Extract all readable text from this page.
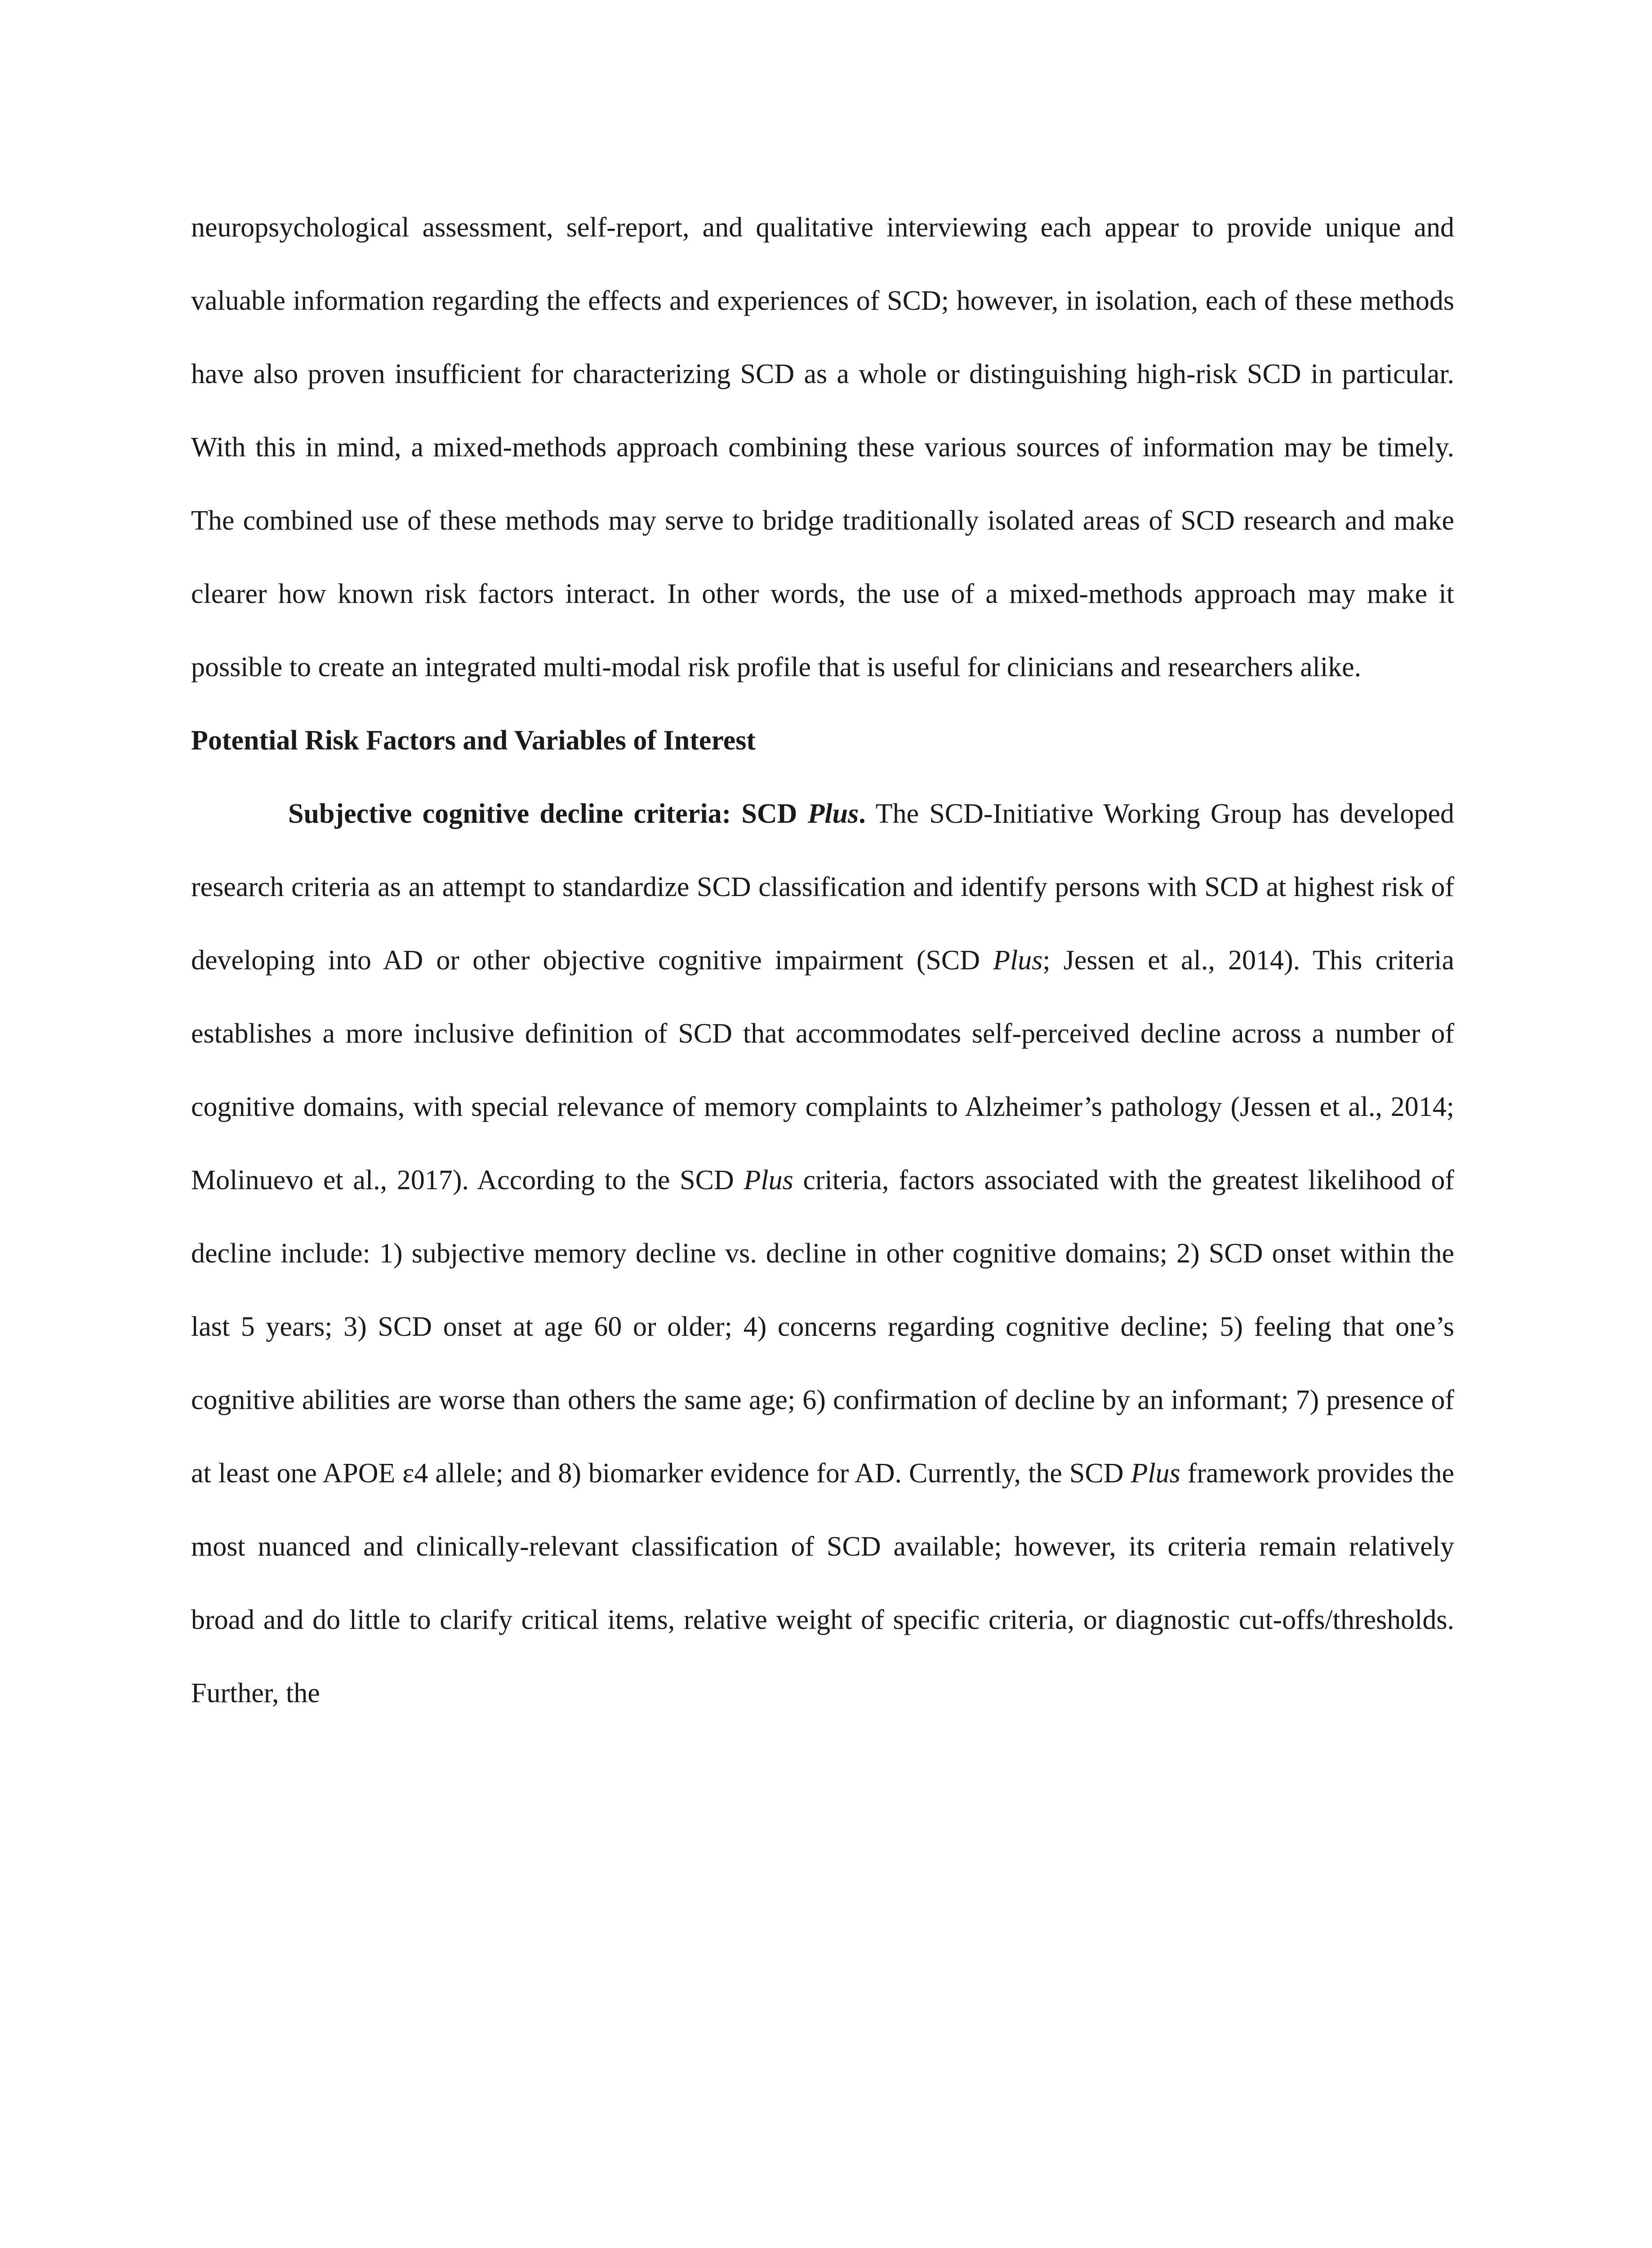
neuropsychological assessment, self-report, and qualitative interviewing each appear to provide unique and valuable information regarding the effects and experiences of SCD; however, in isolation, each of these methods have also proven insufficient for characterizing SCD as a whole or distinguishing high-risk SCD in particular. With this in mind, a mixed-methods approach combining these various sources of information may be timely. The combined use of these methods may serve to bridge traditionally isolated areas of SCD research and make clearer how known risk factors interact. In other words, the use of a mixed-methods approach may make it possible to create an integrated multi-modal risk profile that is useful for clinicians and researchers alike.

Potential Risk Factors and Variables of Interest

Subjective cognitive decline criteria: SCD Plus. The SCD-Initiative Working Group has developed research criteria as an attempt to standardize SCD classification and identify persons with SCD at highest risk of developing into AD or other objective cognitive impairment (SCD Plus; Jessen et al., 2014). This criteria establishes a more inclusive definition of SCD that accommodates self-perceived decline across a number of cognitive domains, with special relevance of memory complaints to Alzheimer’s pathology (Jessen et al., 2014; Molinuevo et al., 2017). According to the SCD Plus criteria, factors associated with the greatest likelihood of decline include: 1) subjective memory decline vs. decline in other cognitive domains; 2) SCD onset within the last 5 years; 3) SCD onset at age 60 or older; 4) concerns regarding cognitive decline; 5) feeling that one’s cognitive abilities are worse than others the same age; 6) confirmation of decline by an informant; 7) presence of at least one APOE ε4 allele; and 8) biomarker evidence for AD. Currently, the SCD Plus framework provides the most nuanced and clinically-relevant classification of SCD available; however, its criteria remain relatively broad and do little to clarify critical items, relative weight of specific criteria, or diagnostic cut-offs/thresholds. Further, the
